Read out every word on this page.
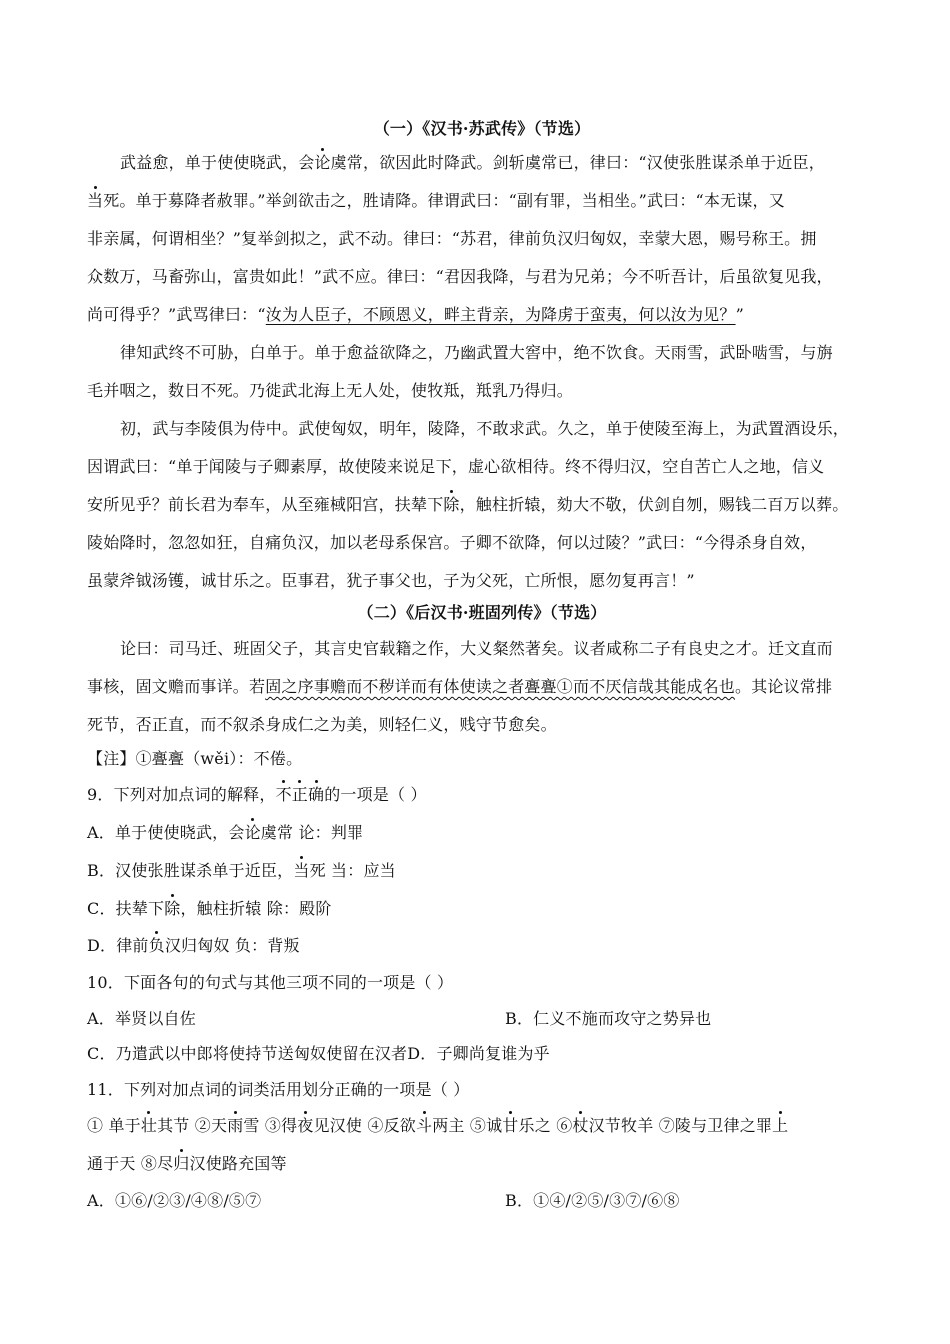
（一）《汉书·苏武传》（节选）
武益愈，单于使使晓武，会论虞常，欲因此时降武。剑斩虞常已，律曰：“汉使张胜谋杀单于近臣，
当死。单于募降者赦罪。”举剑欲击之，胜请降。律谓武曰：“副有罪，当相坐。”武曰：“本无谋，又
非亲属，何谓相坐？”复举剑拟之，武不动。律曰：“苏君，律前负汉归匈奴，幸蒙大恩，赐号称王。拥
众数万，马畜弥山，富贵如此！”武不应。律曰：“君因我降，与君为兄弟；今不听吾计，后虽欲复见我，
尚可得乎？”武骂律曰：“汝为人臣子，不顾恩义，畔主背亲，为降虏于蛮夷，何以汝为见？”
律知武终不可胁，白单于。单于愈益欲降之，乃幽武置大窖中，绝不饮食。天雨雪，武卧啮雪，与旃
毛并咽之，数日不死。乃徙武北海上无人处，使牧羝，羝乳乃得归。
初，武与李陵俱为侍中。武使匈奴，明年，陵降，不敢求武。久之，单于使陵至海上，为武置酒设乐，
因谓武曰：“单于闻陵与子卿素厚，故使陵来说足下，虚心欲相待。终不得归汉，空自苦亡人之地，信义
安所见乎？前长君为奉车，从至雍棫阳宫，扶辇下除，触柱折辕，劾大不敬，伏剑自刎，赐钱二百万以葬。
陵始降时，忽忽如狂，自痛负汉，加以老母系保宫。子卿不欲降，何以过陵？”武曰：“今得杀身自效，
虽蒙斧钺汤镬，诚甘乐之。臣事君，犹子事父也，子为父死，亡所恨，愿勿复再言！”
（二）《后汉书·班固列传》（节选）
论曰：司马迁、班固父子，其言史官载籍之作，大义粲然著矣。议者咸称二子有良史之才。迁文直而
事核，固文赡而事详。若固之序事赡而不秽详而有体使读之者亹亹①而不厌信哉其能成名也。其论议常排
死节，否正直，而不叙杀身成仁之为美，则轻仁义，贱守节愈矣。
【注】①亹亹（wěi）：不倦。
9．下列对加点词的解释，不正确的一项是（ ）
A．单于使使晓武，会论虞常 论：判罪
B．汉使张胜谋杀单于近臣，当死 当：应当
C．扶辇下除，触柱折辕 除：殿阶
D．律前负汉归匈奴 负：背叛
10．下面各句的句式与其他三项不同的一项是（ ）
A．举贤以自佐	B．仁义不施而攻守之势异也
C．乃遣武以中郎将使持节送匈奴使留在汉者D．子卿尚复谁为乎
11．下列对加点词的词类活用划分正确的一项是（ ）
① 单于壮其节 ②天雨雪 ③得夜见汉使 ④反欲斗两主 ⑤诚甘乐之 ⑥杖汉节牧羊 ⑦陵与卫律之罪上
通于天 ⑧尽归汉使路充国等
A．①⑥/②③/④⑧/⑤⑦	B．①④/②⑤/③⑦/⑥⑧
